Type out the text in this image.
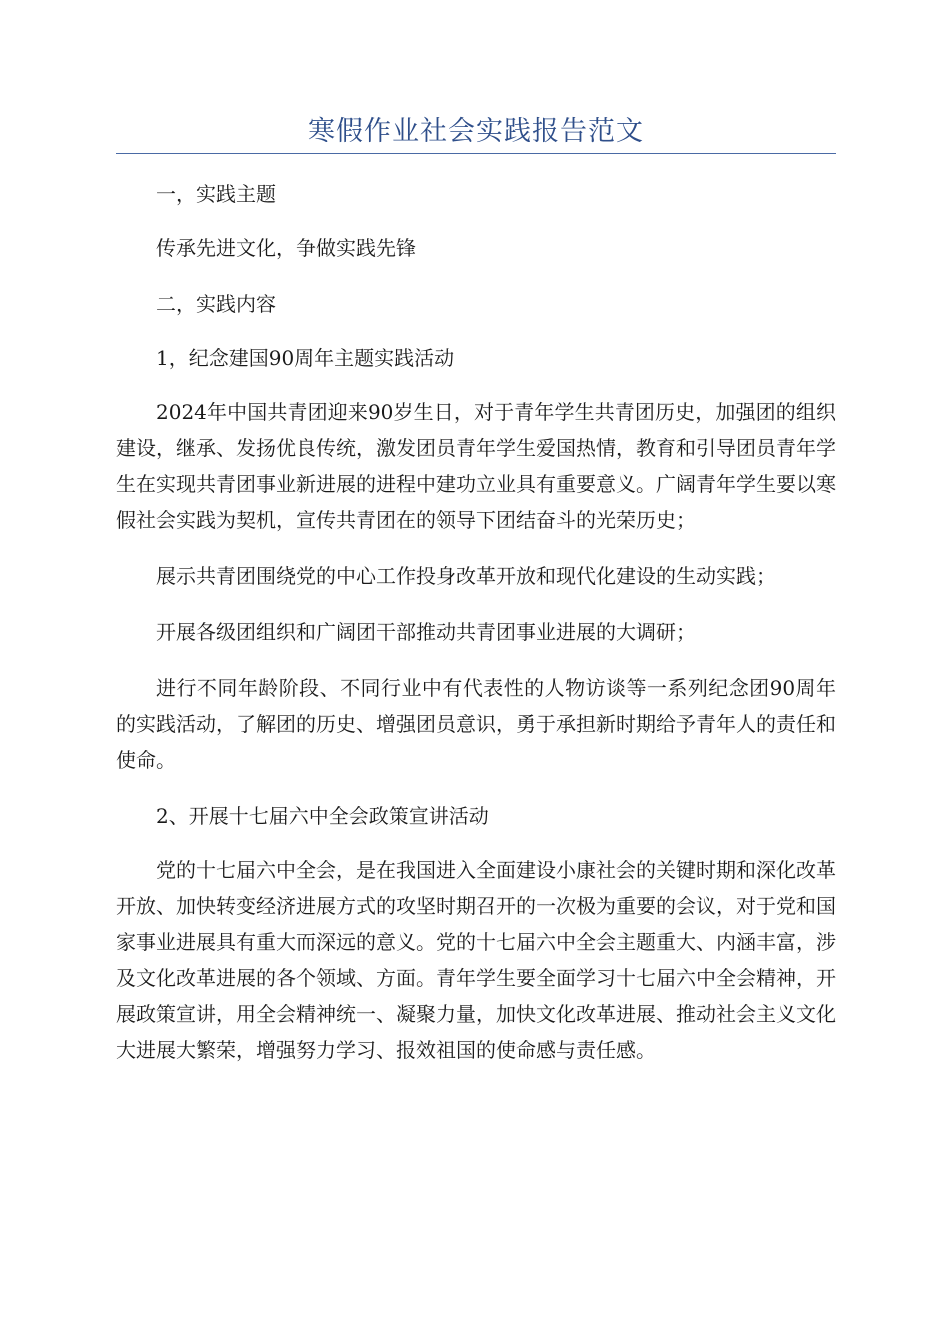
寒假作业社会实践报告范文

一，实践主题

传承先进文化，争做实践先锋

二，实践内容

1，纪念建国90周年主题实践活动

2024年中国共青团迎来90岁生日，对于青年学生共青团历史，加强团的组织建设，继承、发扬优良传统，激发团员青年学生爱国热情，教育和引导团员青年学生在实现共青团事业新进展的进程中建功立业具有重要意义。广阔青年学生要以寒假社会实践为契机，宣传共青团在的领导下团结奋斗的光荣历史；

展示共青团围绕党的中心工作投身改革开放和现代化建设的生动实践；

开展各级团组织和广阔团干部推动共青团事业进展的大调研；

进行不同年龄阶段、不同行业中有代表性的人物访谈等一系列纪念团90周年的实践活动，了解团的历史、增强团员意识，勇于承担新时期给予青年人的责任和使命。

2、开展十七届六中全会政策宣讲活动

党的十七届六中全会，是在我国进入全面建设小康社会的关键时期和深化改革开放、加快转变经济进展方式的攻坚时期召开的一次极为重要的会议，对于党和国家事业进展具有重大而深远的意义。党的十七届六中全会主题重大、内涵丰富，涉及文化改革进展的各个领域、方面。青年学生要全面学习十七届六中全会精神，开展政策宣讲，用全会精神统一、凝聚力量，加快文化改革进展、推动社会主义文化大进展大繁荣，增强努力学习、报效祖国的使命感与责任感。
